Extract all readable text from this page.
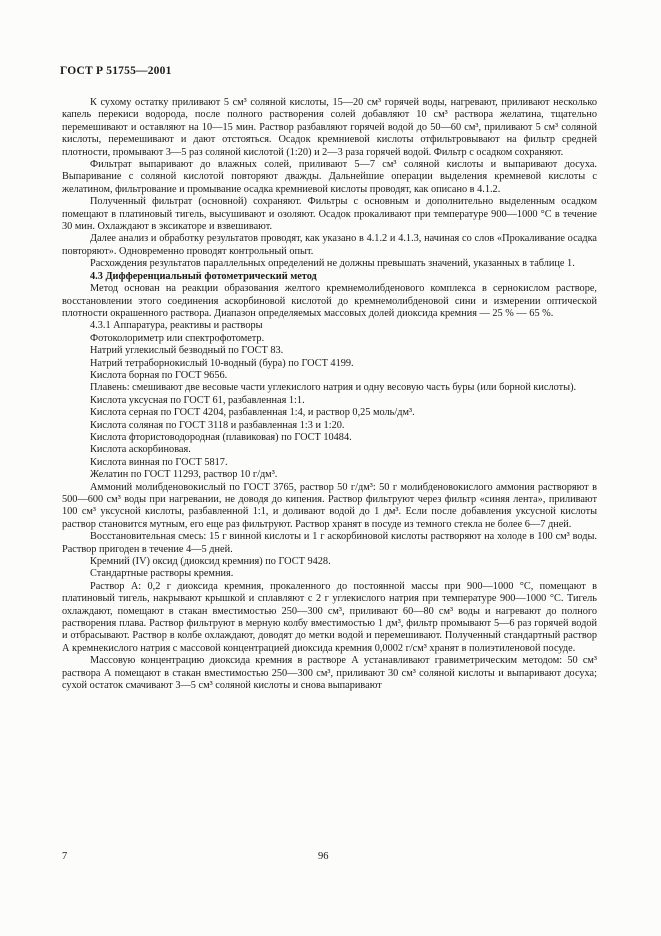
ГОСТ Р 51755—2001

К сухому остатку приливают 5 см³ соляной кислоты, 15—20 см³ горячей воды, нагревают, приливают несколько капель перекиси водорода, после полного растворения солей добавляют 10 см³ раствора желатина, тщательно перемешивают и оставляют на 10—15 мин. Раствор разбавляют горячей водой до 50—60 см³, приливают 5 см³ соляной кислоты, перемешивают и дают отстояться. Осадок кремниевой кислоты отфильтровывают на фильтр средней плотности, промывают 3—5 раз соляной кислотой (1:20) и 2—3 раза горячей водой. Фильтр с осадком сохраняют.

Фильтрат выпаривают до влажных солей, приливают 5—7 см³ соляной кислоты и выпаривают досуха. Выпаривание с соляной кислотой повторяют дважды. Дальнейшие операции выделения кремневой кислоты с желатином, фильтрование и промывание осадка кремниевой кислоты проводят, как описано в 4.1.2.

Полученный фильтрат (основной) сохраняют. Фильтры с основным и дополнительно выделенным осадком помещают в платиновый тигель, высушивают и озоляют. Осадок прокаливают при температуре 900—1000 °С в течение 30 мин. Охлаждают в эксикаторе и взвешивают.

Далее анализ и обработку результатов проводят, как указано в 4.1.2 и 4.1.3, начиная со слов «Прокаливание осадка повторяют». Одновременно проводят контрольный опыт.

Расхождения результатов параллельных определений не должны превышать значений, указанных в таблице 1.

4.3 Дифференциальный фотометрический метод

Метод основан на реакции образования желтого кремнемолибденового комплекса в сернокислом растворе, восстановлении этого соединения аскорбиновой кислотой до кремнемолибденовой сини и измерении оптической плотности окрашенного раствора. Диапазон определяемых массовых долей диоксида кремния — 25 % — 65 %.

4.3.1 Аппаратура, реактивы и растворы

Фотоколориметр или спектрофотометр.

Натрий углекислый безводный по ГОСТ 83.

Натрий тетраборнокислый 10-водный (бура) по ГОСТ 4199.

Кислота борная по ГОСТ 9656.

Плавень: смешивают две весовые части углекислого натрия и одну весовую часть буры (или борной кислоты).

Кислота уксусная по ГОСТ 61, разбавленная 1:1.

Кислота серная по ГОСТ 4204, разбавленная 1:4, и раствор 0,25 моль/дм³.

Кислота соляная по ГОСТ 3118 и разбавленная 1:3 и 1:20.

Кислота фтористоводородная (плавиковая) по ГОСТ 10484.

Кислота аскорбиновая.

Кислота винная по ГОСТ 5817.

Желатин по ГОСТ 11293, раствор 10 г/дм³.

Аммоний молибденовокислый по ГОСТ 3765, раствор 50 г/дм³: 50 г молибденовокислого аммония растворяют в 500—600 см³ воды при нагревании, не доводя до кипения. Раствор фильтруют через фильтр «синяя лента», приливают 100 см³ уксусной кислоты, разбавленной 1:1, и доливают водой до 1 дм³. Если после добавления уксусной кислоты раствор становится мутным, его еще раз фильтруют. Раствор хранят в посуде из темного стекла не более 6—7 дней.

Восстановительная смесь: 15 г винной кислоты и 1 г аскорбиновой кислоты растворяют на холоде в 100 см³ воды. Раствор пригоден в течение 4—5 дней.

Кремний (IV) оксид (диоксид кремния) по ГОСТ 9428.

Стандартные растворы кремния.

Раствор А: 0,2 г диоксида кремния, прокаленного до постоянной массы при 900—1000 °С, помещают в платиновый тигель, накрывают крышкой и сплавляют с 2 г углекислого натрия при температуре 900—1000 °С. Тигель охлаждают, помещают в стакан вместимостью 250—300 см³, приливают 60—80 см³ воды и нагревают до полного растворения плава. Раствор фильтруют в мерную колбу вместимостью 1 дм³, фильтр промывают 5—6 раз горячей водой и отбрасывают. Раствор в колбе охлаждают, доводят до метки водой и перемешивают. Полученный стандартный раствор А кремнекислого натрия с массовой концентрацией диоксида кремния 0,0002 г/см³ хранят в полиэтиленовой посуде.

Массовую концентрацию диоксида кремния в растворе А устанавливают гравиметрическим методом: 50 см³ раствора А помещают в стакан вместимостью 250—300 см³, приливают 30 см³ соляной кислоты и выпаривают досуха; сухой остаток смачивают 3—5 см³ соляной кислоты и снова выпаривают

7	96
